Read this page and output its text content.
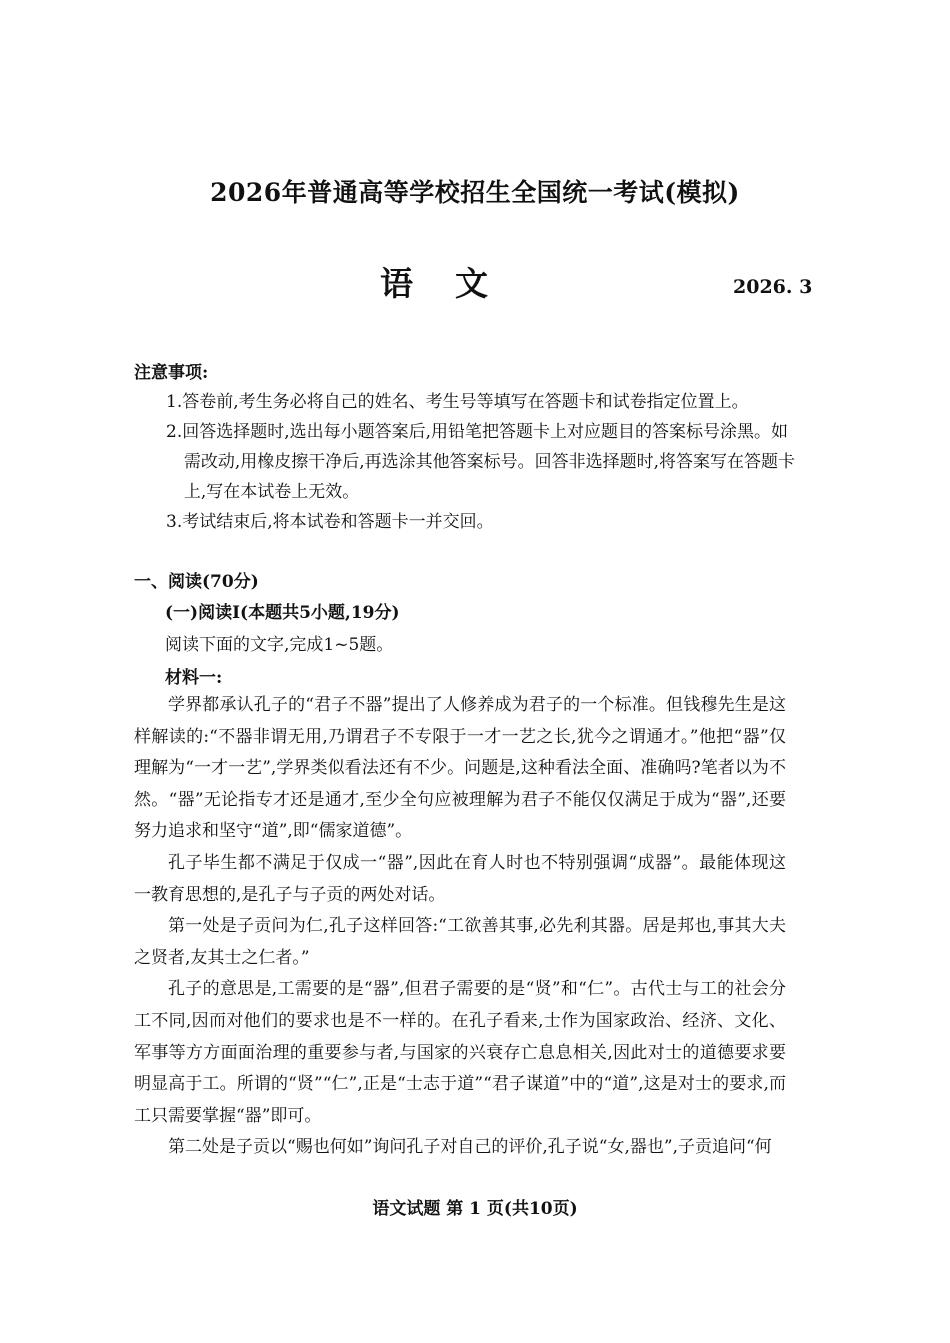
2026年普通高等学校招生全国统一考试(模拟)
语文	2026. 3
注意事项:
1.答卷前,考生务必将自己的姓名、考生号等填写在答题卡和试卷指定位置上。
2.回答选择题时,选出每小题答案后,用铅笔把答题卡上对应题目的答案标号涂黑。如需改动,用橡皮擦干净后,再选涂其他答案标号。回答非选择题时,将答案写在答题卡上,写在本试卷上无效。
3.考试结束后,将本试卷和答题卡一并交回。
一、阅读(70分)
(一)阅读Ⅰ(本题共5小题,19分)
阅读下面的文字,完成1~5题。
材料一:

学界都承认孔子的“君子不器”提出了人修养成为君子的一个标准。但钱穆先生是这样解读的:“不器非谓无用,乃谓君子不专限于一才一艺之长,犹今之谓通才。”他把“器”仅理解为“一才一艺”,学界类似看法还有不少。问题是,这种看法全面、准确吗?笔者以为不然。“器”无论指专才还是通才,至少全句应被理解为君子不能仅仅满足于成为“器”,还要努力追求和坚守“道”,即“儒家道德”。

孔子毕生都不满足于仅成一“器”,因此在育人时也不特别强调“成器”。最能体现这一教育思想的,是孔子与子贡的两处对话。

第一处是子贡问为仁,孔子这样回答:“工欲善其事,必先利其器。居是邦也,事其大夫之贤者,友其士之仁者。”

孔子的意思是,工需要的是“器”,但君子需要的是“贤”和“仁”。古代士与工的社会分工不同,因而对他们的要求也是不一样的。在孔子看来,士作为国家政治、经济、文化、军事等方方面面治理的重要参与者,与国家的兴衰存亡息息相关,因此对士的道德要求要明显高于工。所谓的“贤”“仁”,正是“士志于道”“君子谋道”中的“道”,这是对士的要求,而工只需要掌握“器”即可。

第二处是子贡以“赐也何如”询问孔子对自己的评价,孔子说“女,器也”,子贡追问“何

语文试题 第 1 页(共10页)
